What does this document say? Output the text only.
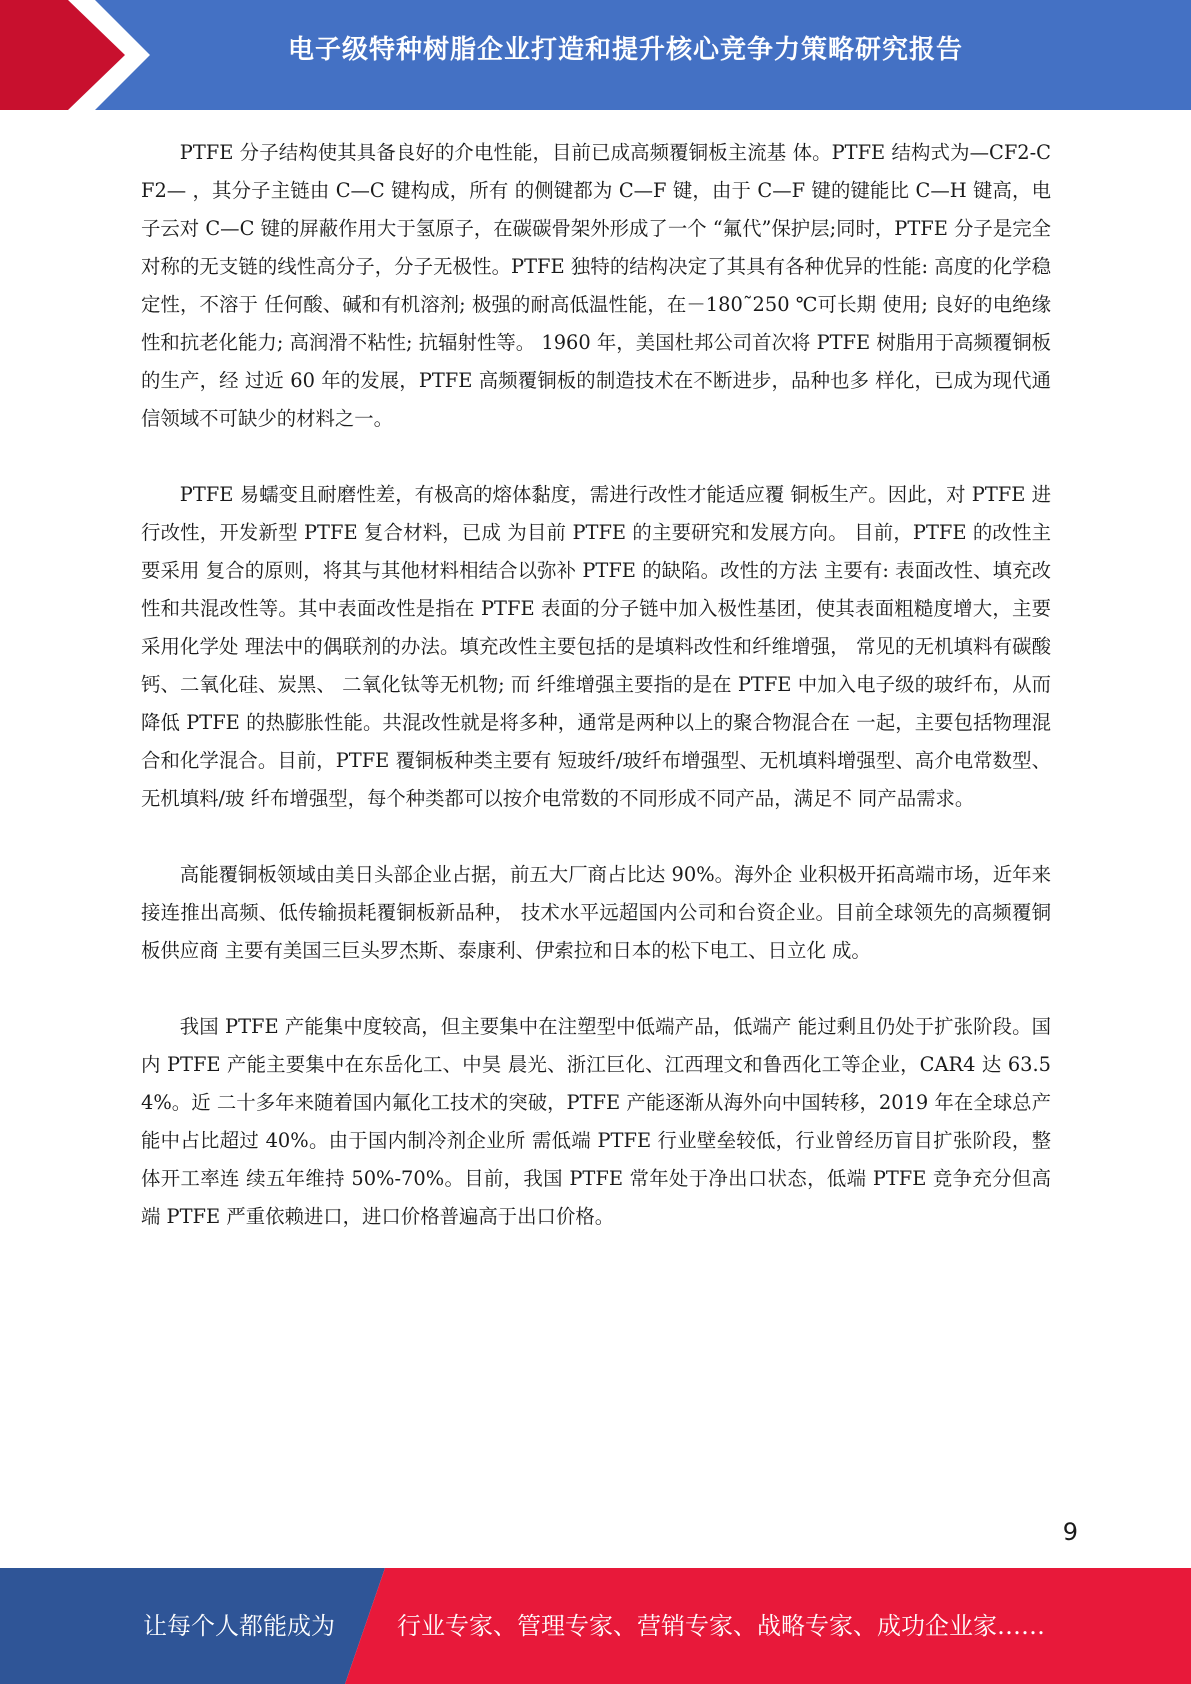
电子级特种树脂企业打造和提升核心竞争力策略研究报告

PTFE 分子结构使其具备良好的介电性能，目前已成高频覆铜板主流基 体。PTFE 结构式为—CF2-CF2— ，其分子主链由 C—C 键构成，所有 的侧键都为 C—F 键，由于 C—F 键的键能比 C—H 键高，电子云对 C—C 键的屏蔽作用大于氢原子，在碳碳骨架外形成了一个 “氟代”保护层;同时，PTFE 分子是完全对称的无支链的线性高分子，分子无极性。PTFE 独特的结构决定了其具有各种优异的性能: 高度的化学稳定性，不溶于 任何酸、碱和有机溶剂; 极强的耐高低温性能，在－180˜250 ℃可长期 使用; 良好的电绝缘性和抗老化能力; 高润滑不粘性; 抗辐射性等。 1960 年，美国杜邦公司首次将 PTFE 树脂用于高频覆铜板的生产，经 过近 60 年的发展，PTFE 高频覆铜板的制造技术在不断进步，品种也多 样化，已成为现代通信领域不可缺少的材料之一。

PTFE 易蠕变且耐磨性差，有极高的熔体黏度，需进行改性才能适应覆 铜板生产。因此，对 PTFE 进行改性，开发新型 PTFE 复合材料，已成 为目前 PTFE 的主要研究和发展方向。 目前，PTFE 的改性主要采用 复合的原则，将其与其他材料相结合以弥补 PTFE 的缺陷。改性的方法 主要有: 表面改性、填充改性和共混改性等。其中表面改性是指在 PTFE 表面的分子链中加入极性基团，使其表面粗糙度增大，主要采用化学处 理法中的偶联剂的办法。填充改性主要包括的是填料改性和纤维增强， 常见的无机填料有碳酸钙、二氧化硅、炭黑、 二氧化钛等无机物; 而 纤维增强主要指的是在 PTFE 中加入电子级的玻纤布，从而降低 PTFE 的热膨胀性能。共混改性就是将多种，通常是两种以上的聚合物混合在 一起，主要包括物理混合和化学混合。目前，PTFE 覆铜板种类主要有 短玻纤/玻纤布增强型、无机填料增强型、高介电常数型、无机填料/玻 纤布增强型，每个种类都可以按介电常数的不同形成不同产品，满足不 同产品需求。

高能覆铜板领域由美日头部企业占据，前五大厂商占比达 90%。海外企 业积极开拓高端市场，近年来接连推出高频、低传输损耗覆铜板新品种， 技术水平远超国内公司和台资企业。目前全球领先的高频覆铜板供应商 主要有美国三巨头罗杰斯、泰康利、伊索拉和日本的松下电工、日立化 成。

我国 PTFE 产能集中度较高，但主要集中在注塑型中低端产品，低端产 能过剩且仍处于扩张阶段。国内 PTFE 产能主要集中在东岳化工、中昊 晨光、浙江巨化、江西理文和鲁西化工等企业，CAR4 达 63.54%。近 二十多年来随着国内氟化工技术的突破，PTFE 产能逐渐从海外向中国转移，2019 年在全球总产能中占比超过 40%。由于国内制冷剂企业所 需低端 PTFE 行业壁垒较低，行业曾经历盲目扩张阶段，整体开工率连 续五年维持 50%-70%。目前，我国 PTFE 常年处于净出口状态，低端 PTFE 竞争充分但高端 PTFE 严重依赖进口，进口价格普遍高于出口价格。

9
让每个人都能成为	行业专家、管理专家、营销专家、战略专家、成功企业家……
